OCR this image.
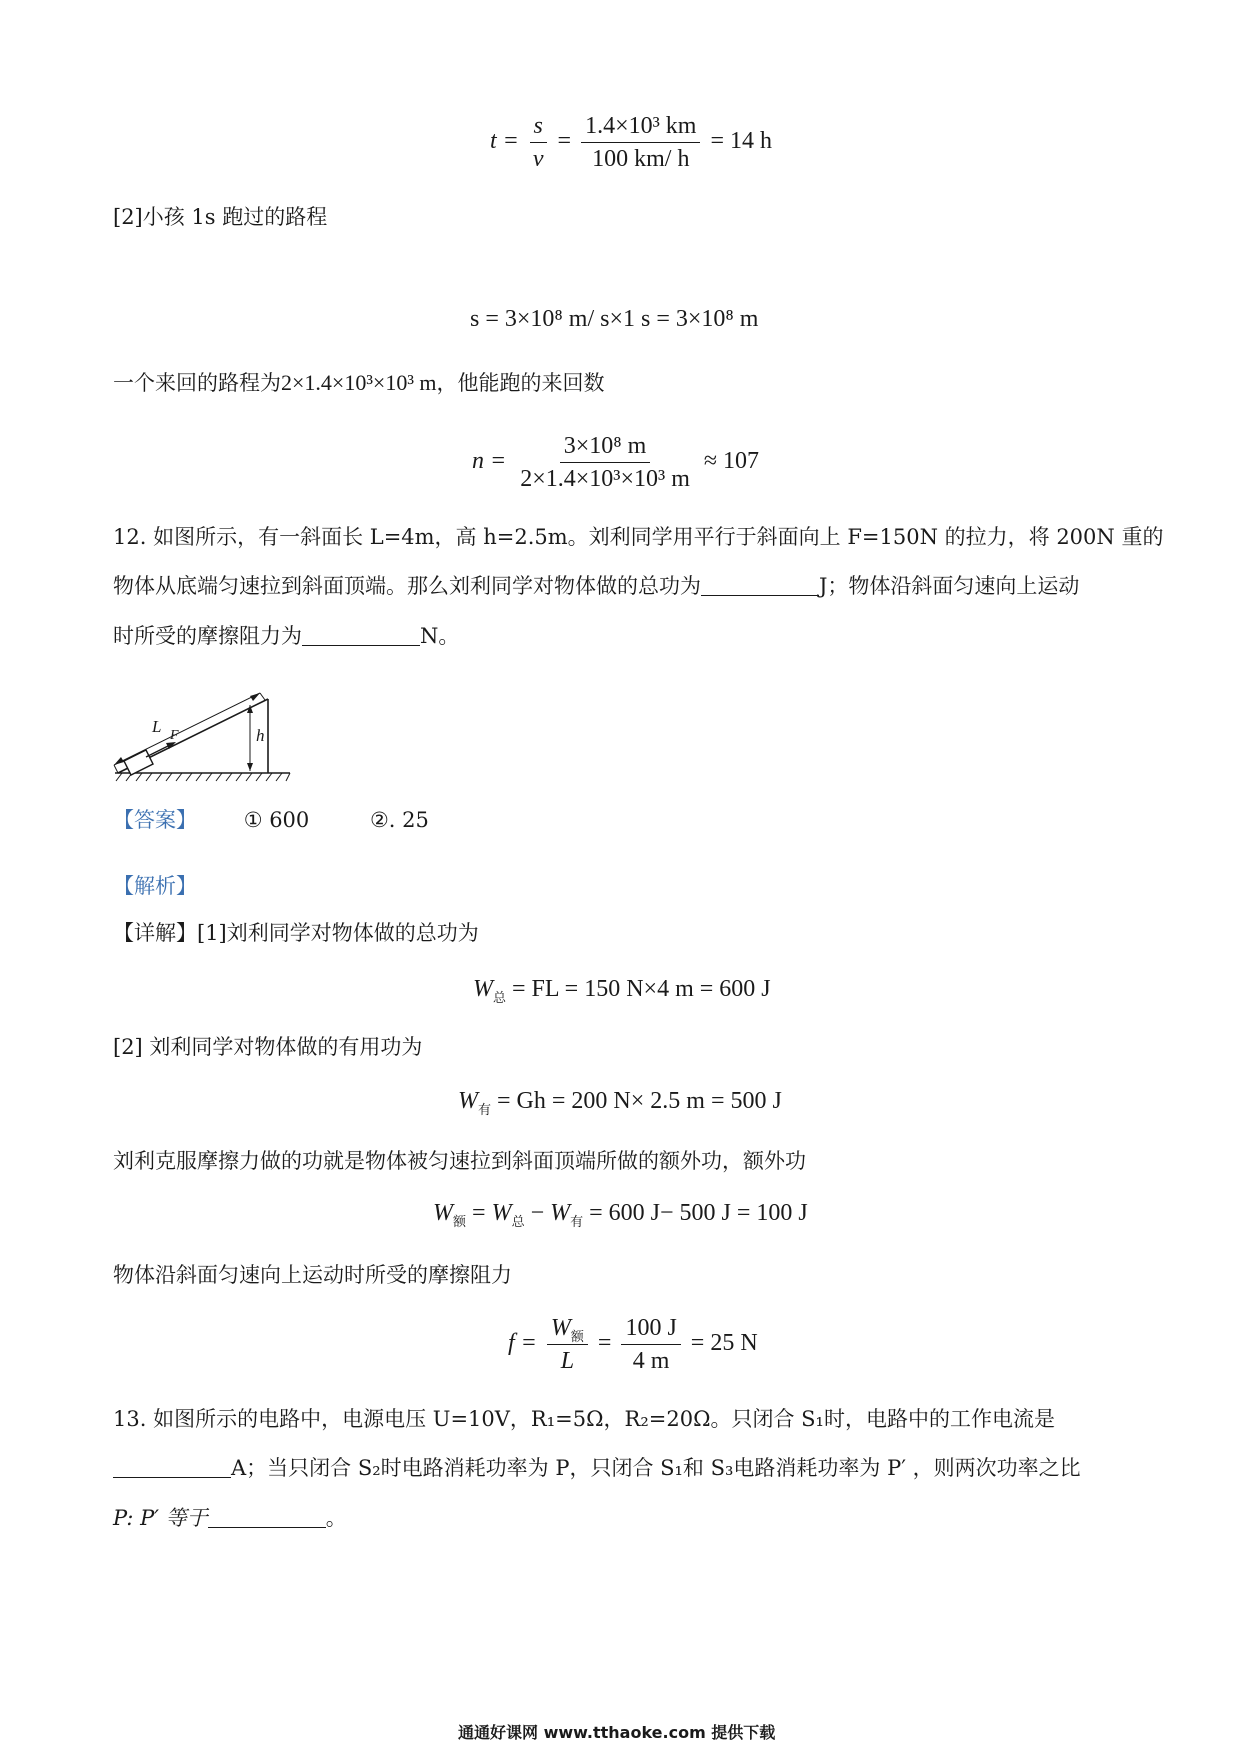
$t = \frac{s}{v} = \frac{\text{1.4×10³ km}}{100 km/ h} = 14$ h
[2]小孩 1s 跑过的路程
s = 3×10⁸ m/ s×1 s = 3×10⁸ m
一个来回的路程为2×1.4×10³×10³ m，他能跑的来回数
$n = \frac{\text{3×10⁸ m}}{\text{2×1.4×10³×10³ m}} \approx 107$
12. 如图所示，有一斜面长 L=4m，高 h=2.5m。刘利同学用平行于斜面向上 F=150N 的拉力，将 200N 重的
物体从底端匀速拉到斜面顶端。那么刘利同学对物体做的总功为	J；物体沿斜面匀速向上运动
时所受的摩擦阻力为	N。
L F	h
【答案】 ① 600	②. 25
【解析】
【详解】[1]刘利同学对物体做的总功为
$W_总$ = FL = 150 N×4 m = 600 J
[2] 刘利同学对物体做的有用功为
$W_有 = Gh = 200$ N× 2.5 m = 500 J
刘利克服摩擦力做的功就是物体被匀速拉到斜面顶端所做的额外功，额外功
$W_额 = W_总 - W_有 = 600$ J− 500 J = 100 J
物体沿斜面匀速向上运动时所受的摩擦阻力
$f = \frac{W_额}{L} = \frac{100 J}{4 m} = 25$ N
13. 如图所示的电路中，电源电压 U=10V，R₁=5Ω，R₂=20Ω。只闭合 S₁时，电路中的工作电流是
A；当只闭合 S₂时电路消耗功率为 P，只闭合 S₁和 S₃电路消耗功率为 P′ ，则两次功率之比
P: P′ 等于	。
通通好课网 www.tthaoke.com 提供下载
